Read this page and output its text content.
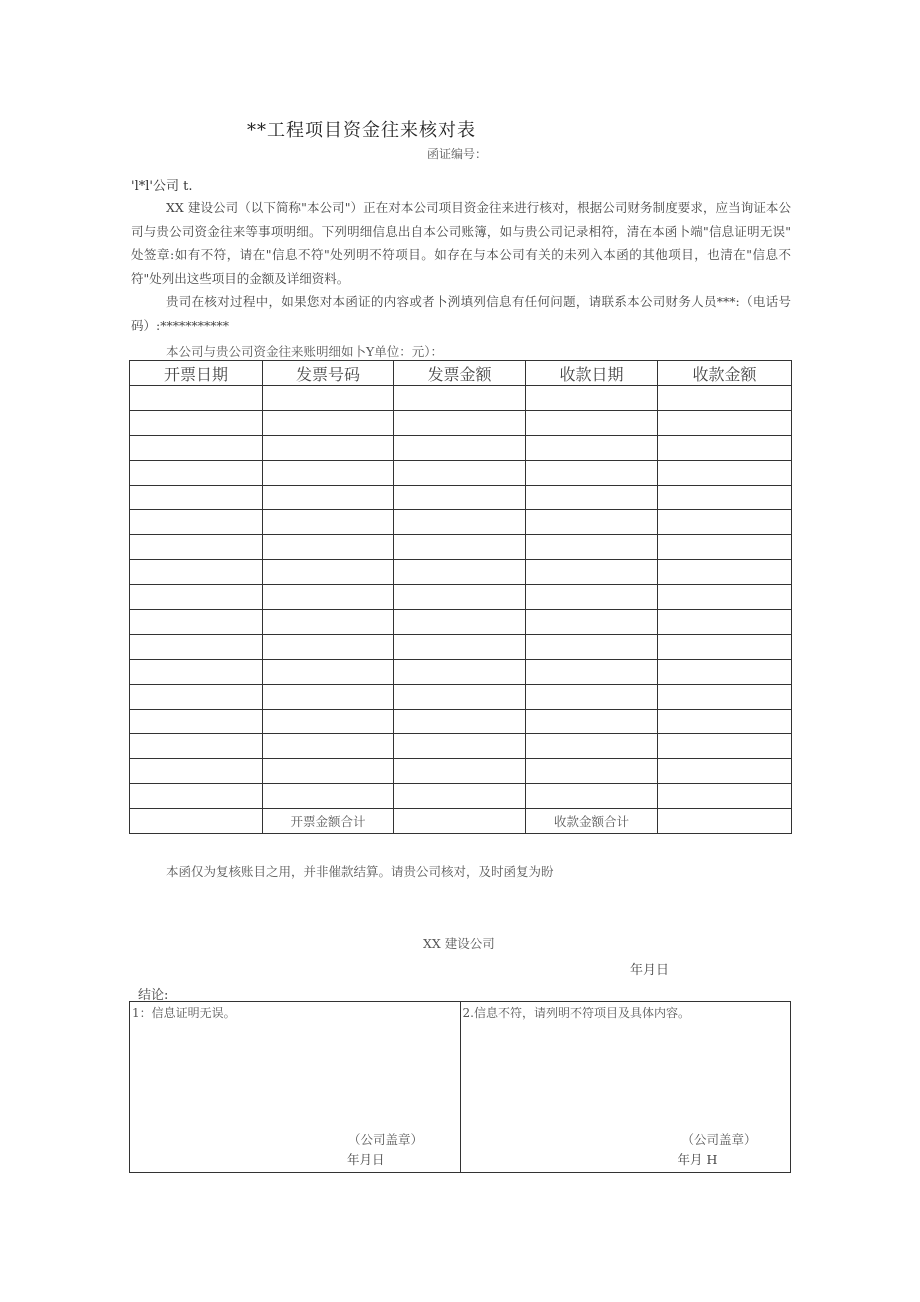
**工程项目资金往来核对表
函证编号：
'l*l'公司 t.
XX 建设公司（以下简称"本公司"）正在对本公司项目资金往来进行核对，根据公司财务制度要求，应当询证本公司与贵公司资金往来等事项明细。下列明细信息出自本公司账簿，如与贵公司记录相符，清在本函卜端"信息证明无误" 处签章:如有不符，请在"信息不符"处列明不符项目。如存在与本公司有关的未列入本函的其他项目，也清在"信息不符"处列出这些项目的金额及详细资料。
贵司在核对过程中，如果您对本函证的内容或者卜洌填列信息有任何问题，请联系本公司财务人员***:（电话号码）:***********
本公司与贵公司资金往来账明细如卜Y单位：元）：
开票日期	发票号码	发票金额	收款日期	收款金额

	开票金额合计		收款金额合计	
本函仅为复核账目之用，并非催款结算。请贵公司核对，及时函复为盼
XX 建设公司
年月日
结论:
1：信息证明无误。
（公司盖章）
年月日
2.信息不符，请列明不符项目及具体内容。
（公司盖章）
年月 H
